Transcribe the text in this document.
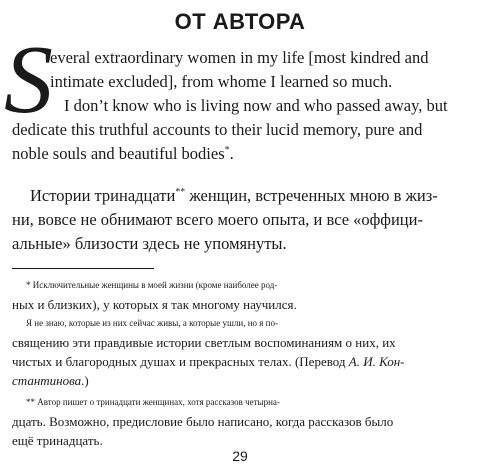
ОТ АВТОРА
S
everal extraordinary women in my life [most kindred and
intimate excluded], from whome I learned so much.
I don’t know who is living now and who passed away, but
dedicate this truthful accounts to their lucid memory, pure and
noble souls and beautiful bodies*.
Истории тринадцати** женщин, встреченных мною в жиз-
ни, вовсе не обнимают всего моего опыта, и все «оффици-
альные» близости здесь не упомянуты.
* Исключительные женщины в моей жизни (кроме наиболее род-
ных и близких), у которых я так многому научился.
Я не знаю, которые из них сейчас живы, а которые ушли, но я по-
священию эти правдивые истории светлым воспоминаниям о них, их
чистых и благородных душах и прекрасных телах. (Перевод А. И. Кон-
стантинова.)
** Автор пишет о тринадцати женщинах, хотя рассказов четырна-
дцать. Возможно, предисловие было написано, когда рассказов было
ещё тринадцать.
29
